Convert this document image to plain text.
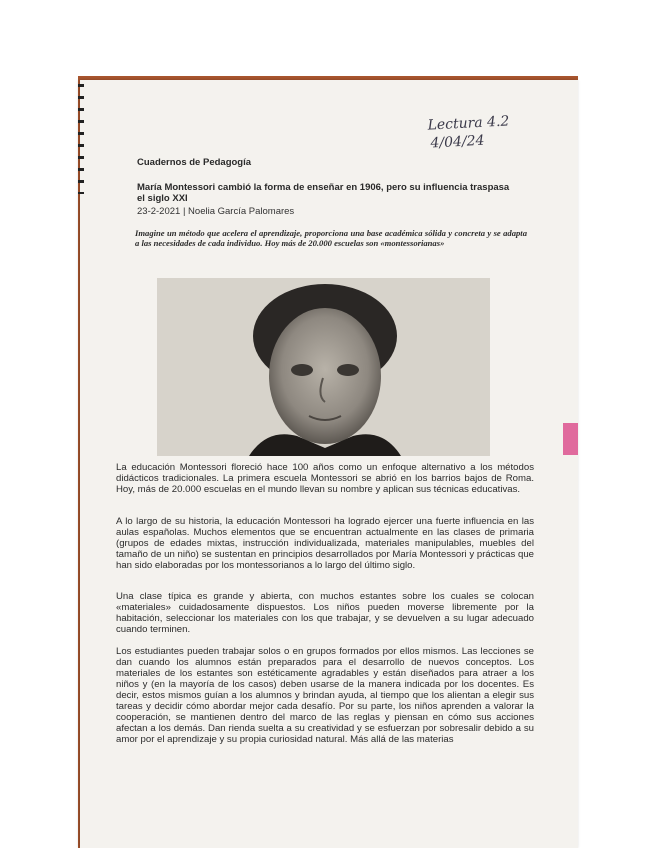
Lectura 4.2
4/04/24
Cuadernos de Pedagogía
María Montessori cambió la forma de enseñar en 1906, pero su influencia traspasa el siglo XXI
23-2-2021 | Noelia García Palomares
Imagine un método que acelera el aprendizaje, proporciona una base académica sólida y concreta y se adapta a las necesidades de cada individuo. Hoy más de 20.000 escuelas son «montessorianas»
La educación Montessori floreció hace 100 años como un enfoque alternativo a los métodos didácticos tradicionales. La primera escuela Montessori se abrió en los barrios bajos de Roma. Hoy, más de 20.000 escuelas en el mundo llevan su nombre y aplican sus técnicas educativas.
A lo largo de su historia, la educación Montessori ha logrado ejercer una fuerte influencia en las aulas españolas. Muchos elementos que se encuentran actualmente en las clases de primaria (grupos de edades mixtas, instrucción individualizada, materiales manipulables, muebles del tamaño de un niño) se sustentan en principios desarrollados por María Montessori y prácticas que han sido elaboradas por los montessorianos a lo largo del último siglo.
Una clase típica es grande y abierta, con muchos estantes sobre los cuales se colocan «materiales» cuidadosamente dispuestos. Los niños pueden moverse libremente por la habitación, seleccionar los materiales con los que trabajar, y se devuelven a su lugar adecuado cuando terminen.
Los estudiantes pueden trabajar solos o en grupos formados por ellos mismos. Las lecciones se dan cuando los alumnos están preparados para el desarrollo de nuevos conceptos. Los materiales de los estantes son estéticamente agradables y están diseñados para atraer a los niños y (en la mayoría de los casos) deben usarse de la manera indicada por los docentes. Es decir, estos mismos guían a los alumnos y brindan ayuda, al tiempo que los alientan a elegir sus tareas y decidir cómo abordar mejor cada desafío. Por su parte, los niños aprenden a valorar la cooperación, se mantienen dentro del marco de las reglas y piensan en cómo sus acciones afectan a los demás. Dan rienda suelta a su creatividad y se esfuerzan por sobresalir debido a su amor por el aprendizaje y su propia curiosidad natural. Más allá de las materias
